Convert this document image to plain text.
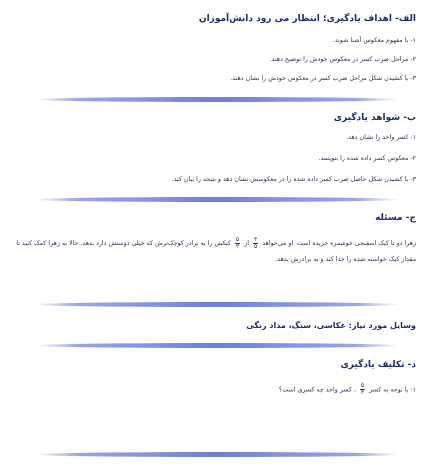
الف- اهداف یادگیری؛ انتظار می رود دانش‌آموزان
۱- با مفهوم معکوس آشنا شوند.
۲- مراحل ضرب کسر در معکوس خودش را توضیح دهند.
۳- با کشیدن شکل مراحل ضرب کسر در معکوس خودش را نشان دهند.
ب- شواهد یادگیری
۱- کسر واحد را نشان دهد.
۲- معکوس کسر داده شده را بنویسد.
۳- با کشیدن شکل حاصل ضرب کسر داده شده را در معکوسش نشان دهد و نتیجه را بیان کند.
ج- مسئله
زهرا دو تا کیک اسفنجی خوشمزه خریده است. او می‌خواهد
$\frac{۳}{۵}$
از
$\frac{۵}{۳}$
کیکش را به برادر کوچک‌ترش که خیلی دوستش دارد بدهد. حالا به زهرا کمک کنید تا مقدار کیک خواسته شده را جدا کند و به برادرش بدهد.
وسایل مورد نیاز: عکاسی، سنگ، مداد رنگی
د- تکلیف یادگیری
۱- با توجه به کسر
$\frac{۵}{۳}$
، کسر واحد چه کسری است؟
